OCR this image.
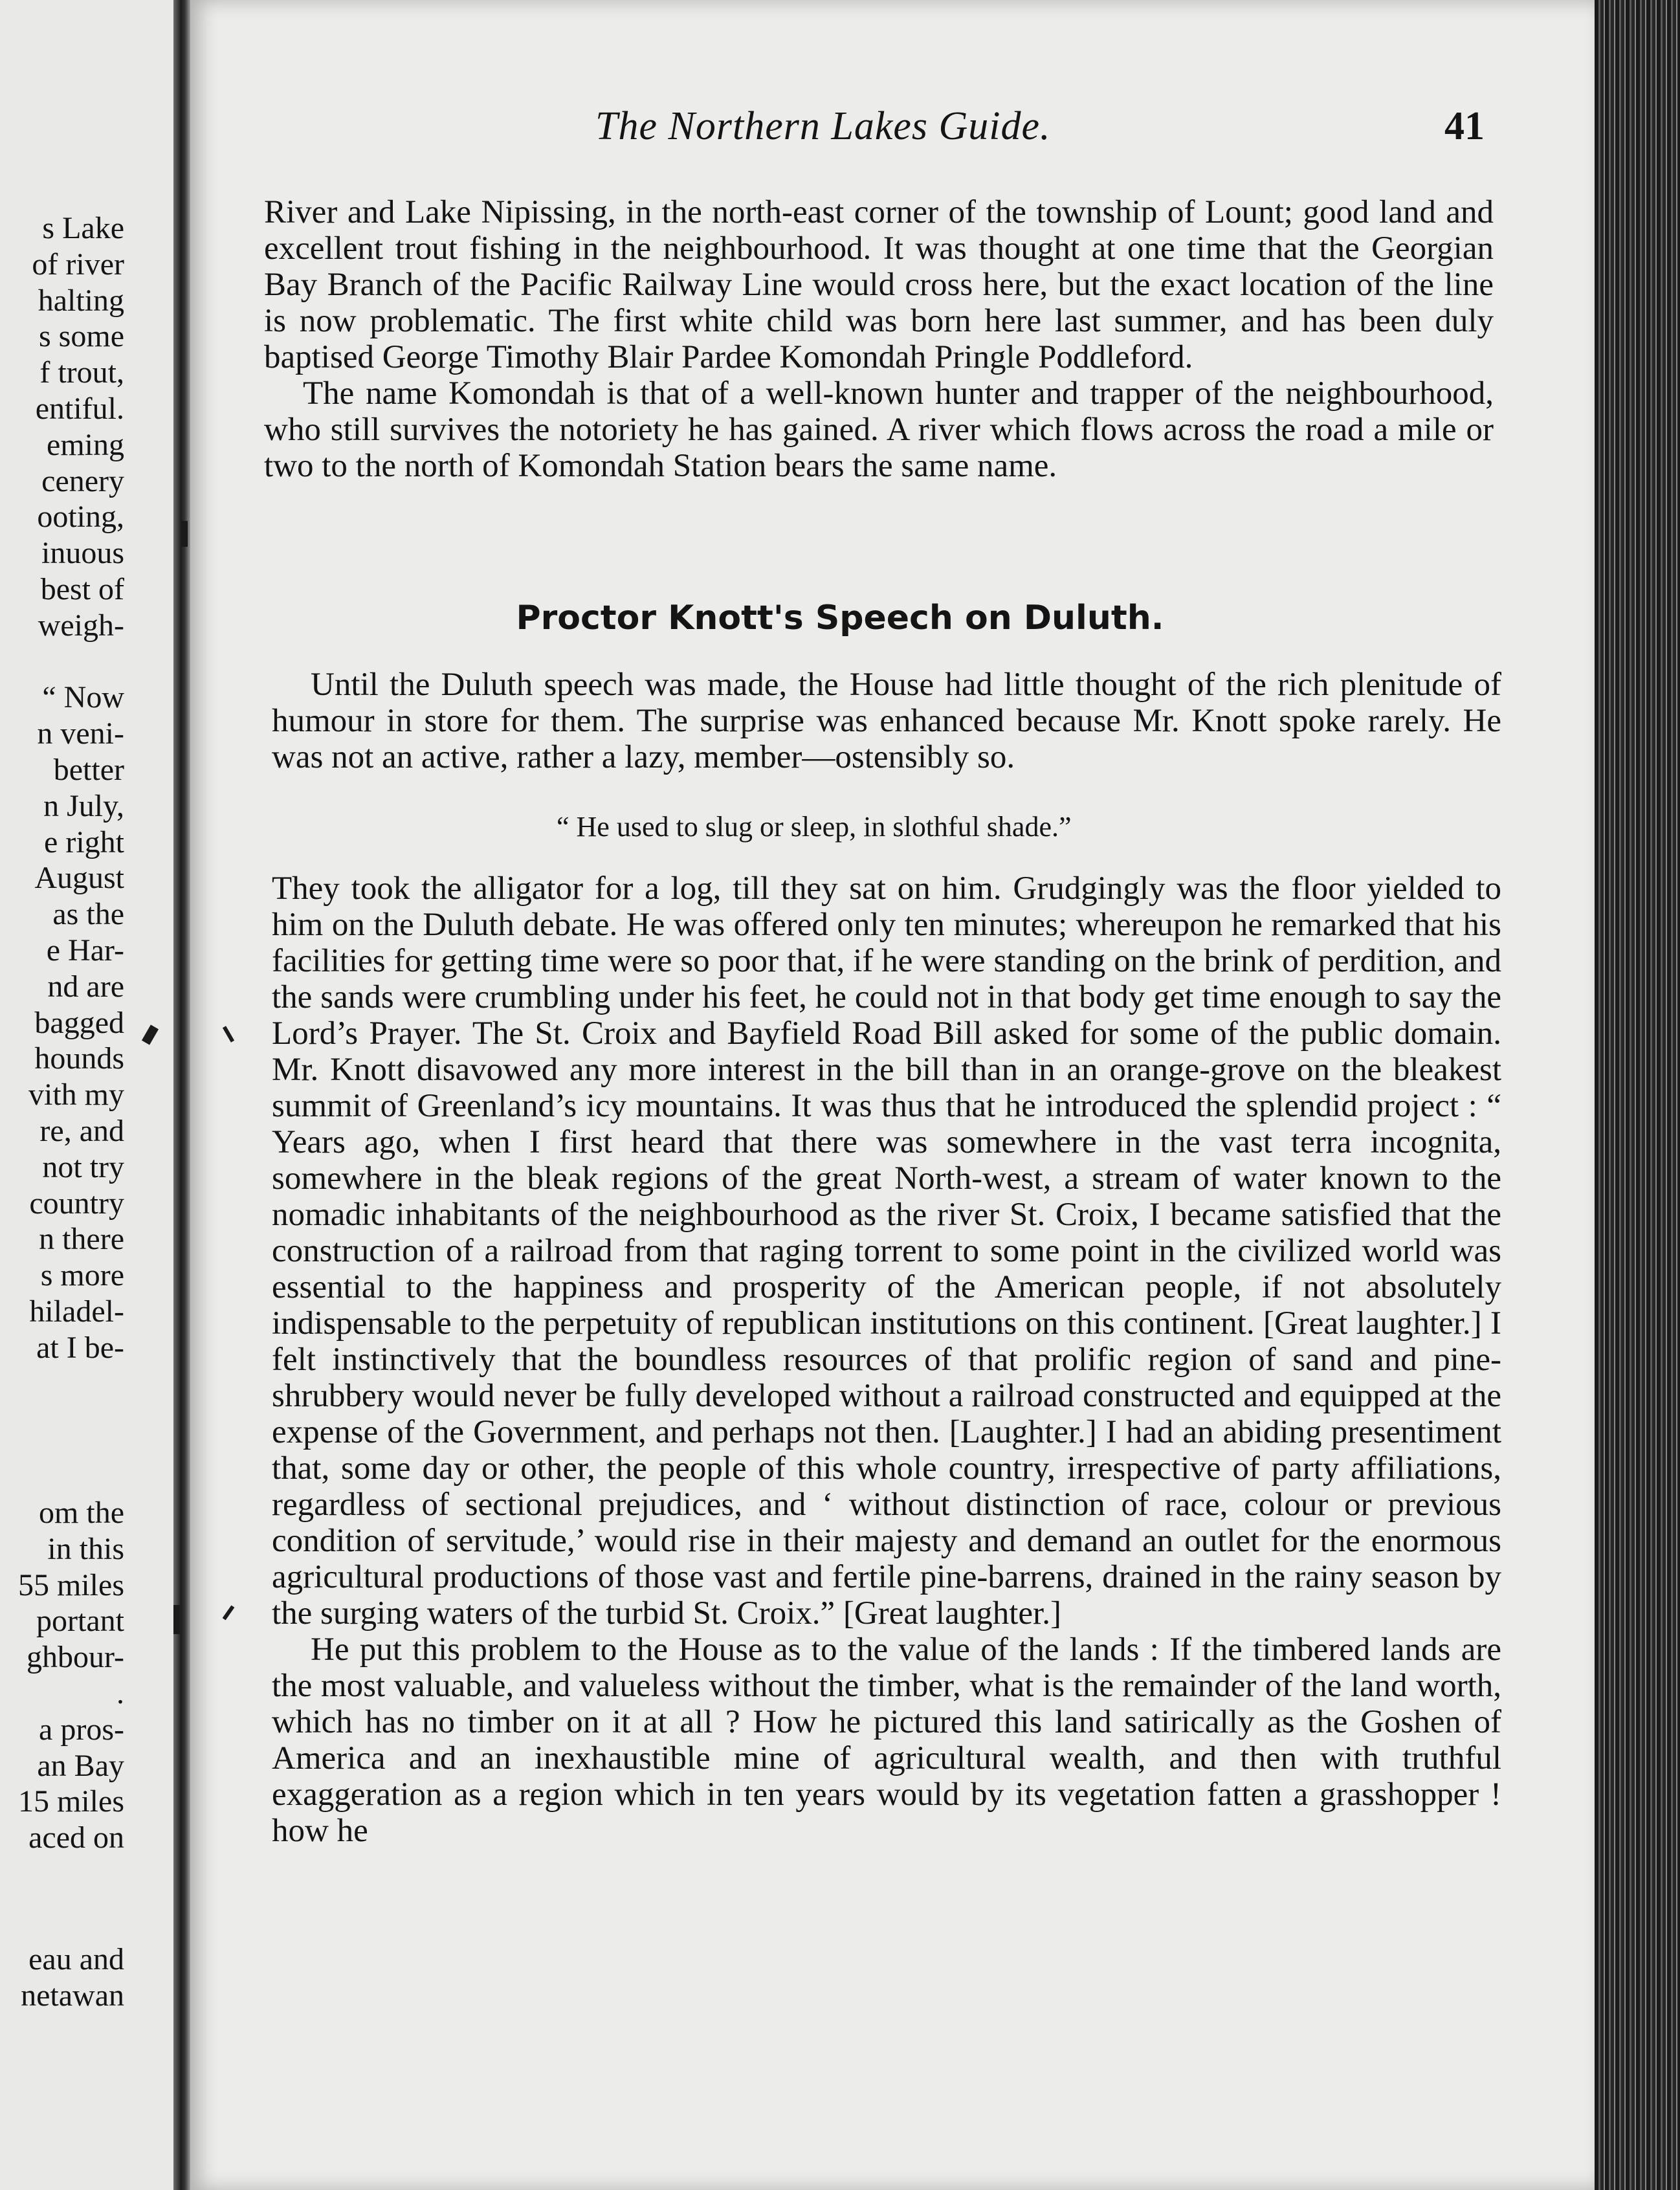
s Lake
of river
halting
s some
f trout,
entiful.
eming
cenery
ooting,
inuous
best of
weigh-
“ Now
n veni-
better
n July,
e right
August
as the
e Har-
nd are
bagged
hounds
vith my
re, and
not try
country
n there
s more
hiladel-
at I be-
om the
in this
55 miles
portant
ghbour-
.
a pros-
an Bay
15 miles
aced on
eau and
netawan
The Northern Lakes Guide.	41

River and Lake Nipissing, in the north-east corner of the township of Lount; good land and excellent trout fishing in the neighbourhood. It was thought at one time that the Georgian Bay Branch of the Pacific Railway Line would cross here, but the exact location of the line is now problematic. The first white child was born here last summer, and has been duly baptised George Timothy Blair Pardee Komondah Pringle Poddleford.

The name Komondah is that of a well-known hunter and trapper of the neighbourhood, who still survives the notoriety he has gained. A river which flows across the road a mile or two to the north of Komondah Station bears the same name.

Proctor Knott's Speech on Duluth.

Until the Duluth speech was made, the House had little thought of the rich plenitude of humour in store for them. The surprise was enhanced because Mr. Knott spoke rarely. He was not an active, rather a lazy, member—ostensibly so.

“ He used to slug or sleep, in slothful shade.”

They took the alligator for a log, till they sat on him. Grudgingly was the floor yielded to him on the Duluth debate. He was offered only ten minutes; whereupon he remarked that his facilities for getting time were so poor that, if he were standing on the brink of perdition, and the sands were crumbling under his feet, he could not in that body get time enough to say the Lord’s Prayer. The St. Croix and Bayfield Road Bill asked for some of the public domain. Mr. Knott disavowed any more interest in the bill than in an orange-grove on the bleakest summit of Greenland’s icy mountains. It was thus that he introduced the splendid project : “ Years ago, when I first heard that there was somewhere in the vast terra incognita, somewhere in the bleak regions of the great North-west, a stream of water known to the nomadic inhabitants of the neighbourhood as the river St. Croix, I became satisfied that the construction of a railroad from that raging torrent to some point in the civilized world was essential to the happiness and prosperity of the American people, if not absolutely indispensable to the perpetuity of republican institutions on this continent. [Great laughter.] I felt instinctively that the boundless resources of that prolific region of sand and pine-shrubbery would never be fully developed without a railroad constructed and equipped at the expense of the Government, and perhaps not then. [Laughter.] I had an abiding presentiment that, some day or other, the people of this whole country, irrespective of party affiliations, regardless of sectional prejudices, and ‘ without distinction of race, colour or previous condition of servitude,’ would rise in their majesty and demand an outlet for the enormous agricultural productions of those vast and fertile pine-barrens, drained in the rainy season by the surging waters of the turbid St. Croix.” [Great laughter.]

He put this problem to the House as to the value of the lands : If the timbered lands are the most valuable, and valueless without the timber, what is the remainder of the land worth, which has no timber on it at all ? How he pictured this land satirically as the Goshen of America and an inexhaustible mine of agricultural wealth, and then with truthful exaggeration as a region which in ten years would by its vegetation fatten a grasshopper ! how he
